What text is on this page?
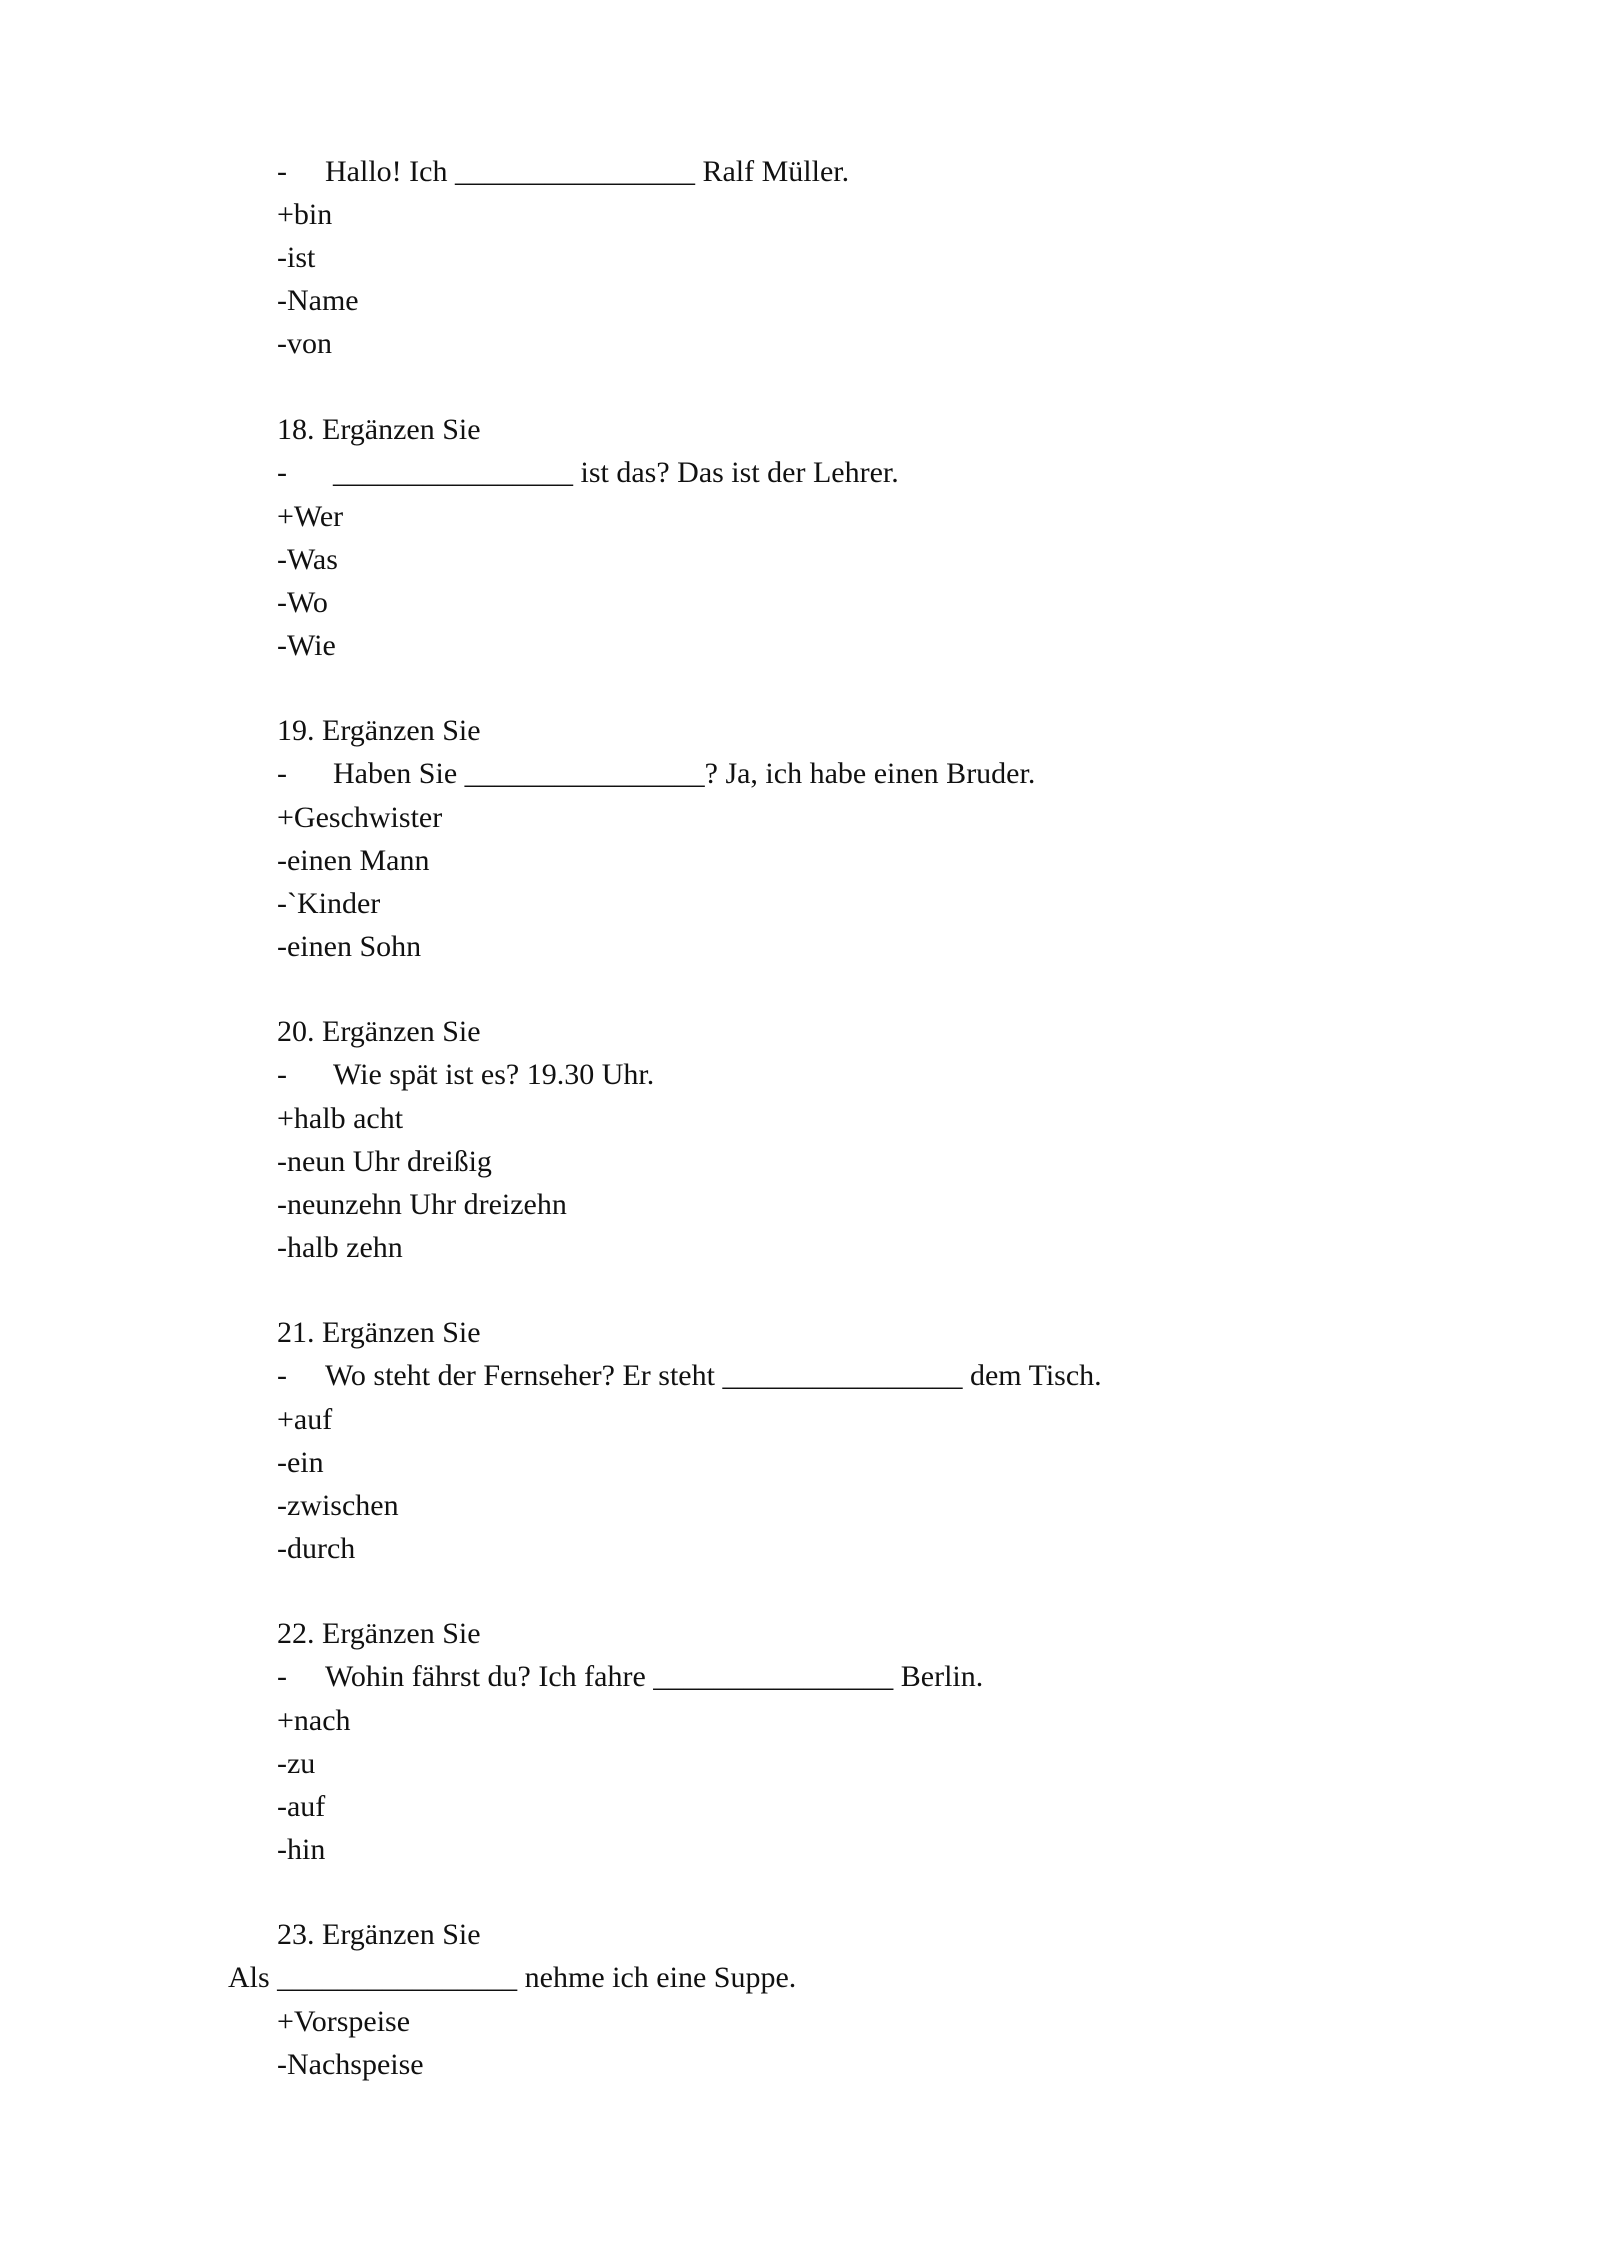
- Hallo! Ich ________________ Ralf Müller.
+bin
-ist
-Name
-von
18. Ergänzen Sie
- ________________ ist das? Das ist der Lehrer.
+Wer
-Was
-Wo
-Wie
19. Ergänzen Sie
- Haben Sie ________________? Ja, ich habe einen Bruder.
+Geschwister
-einen Mann
-`Kinder
-einen Sohn
20. Ergänzen Sie
- Wie spät ist es? 19.30 Uhr.
+halb acht
-neun Uhr dreißig
-neunzehn Uhr dreizehn
-halb zehn
21. Ergänzen Sie
- Wo steht der Fernseher? Er steht ________________ dem Tisch.
+auf
-ein
-zwischen
-durch
22. Ergänzen Sie
- Wohin fährst du? Ich fahre ________________ Berlin.
+nach
-zu
-auf
-hin
23. Ergänzen Sie
Als ________________ nehme ich eine Suppe.
+Vorspeise
-Nachspeise
